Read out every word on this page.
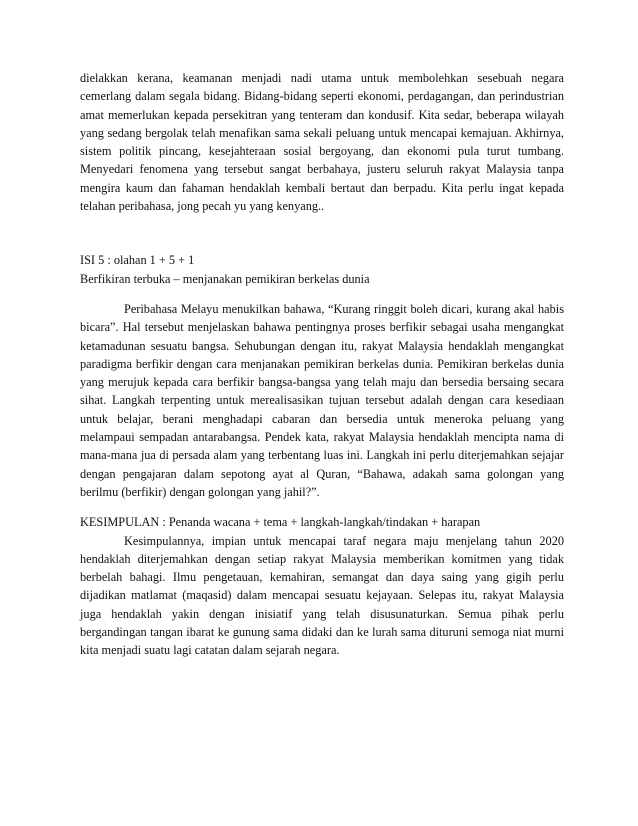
dielakkan kerana, keamanan menjadi nadi utama untuk membolehkan sesebuah negara
cemerlang dalam segala bidang. Bidang-bidang seperti ekonomi, perdagangan, dan perindustrian
amat memerlukan kepada persekitran yang tenteram dan kondusif. Kita sedar, beberapa wilayah
yang sedang bergolak telah menafikan sama sekali peluang untuk mencapai kemajuan. Akhirnya,
sistem politik pincang, kesejahteraan sosial bergoyang, dan ekonomi pula turut tumbang.
Menyedari fenomena yang tersebut sangat berbahaya, justeru seluruh rakyat Malaysia tanpa
mengira kaum dan fahaman hendaklah kembali bertaut dan berpadu. Kita perlu ingat kepada
telahan peribahasa, jong pecah yu yang kenyang..
ISI 5 : olahan 1 + 5 + 1
Berfikiran terbuka – menjanakan pemikiran berkelas dunia
Peribahasa Melayu menukilkan bahawa, “Kurang ringgit boleh dicari, kurang akal habis
bicara”. Hal tersebut menjelaskan bahawa pentingnya proses berfikir sebagai usaha mengangkat
ketamadunan sesuatu bangsa. Sehubungan dengan itu, rakyat Malaysia hendaklah mengangkat
paradigma berfikir dengan cara menjanakan pemikiran berkelas dunia. Pemikiran berkelas dunia
yang merujuk kepada cara berfikir bangsa-bangsa yang telah maju dan bersedia bersaing secara
sihat. Langkah terpenting untuk merealisasikan tujuan tersebut adalah dengan cara kesediaan
untuk belajar, berani menghadapi cabaran dan bersedia untuk meneroka peluang yang
melampaui sempadan antarabangsa. Pendek kata, rakyat Malaysia hendaklah mencipta nama di
mana-mana jua di persada alam yang terbentang luas ini. Langkah ini perlu diterjemahkan sejajar
dengan pengajaran dalam sepotong ayat al Quran, “Bahawa, adakah sama golongan yang
berilmu (berfikir) dengan golongan yang jahil?”.
KESIMPULAN : Penanda wacana + tema + langkah-langkah/tindakan + harapan
Kesimpulannya, impian untuk mencapai taraf negara maju menjelang tahun 2020
hendaklah diterjemahkan dengan setiap rakyat Malaysia memberikan komitmen yang tidak
berbelah bahagi. Ilmu pengetauan, kemahiran, semangat dan daya saing yang gigih perlu
dijadikan matlamat (maqasid) dalam mencapai sesuatu kejayaan. Selepas itu, rakyat Malaysia
juga hendaklah yakin dengan inisiatif yang telah disusunaturkan. Semua pihak perlu
bergandingan tangan ibarat ke gunung sama didaki dan ke lurah sama dituruni semoga niat murni
kita menjadi suatu lagi catatan dalam sejarah negara.
